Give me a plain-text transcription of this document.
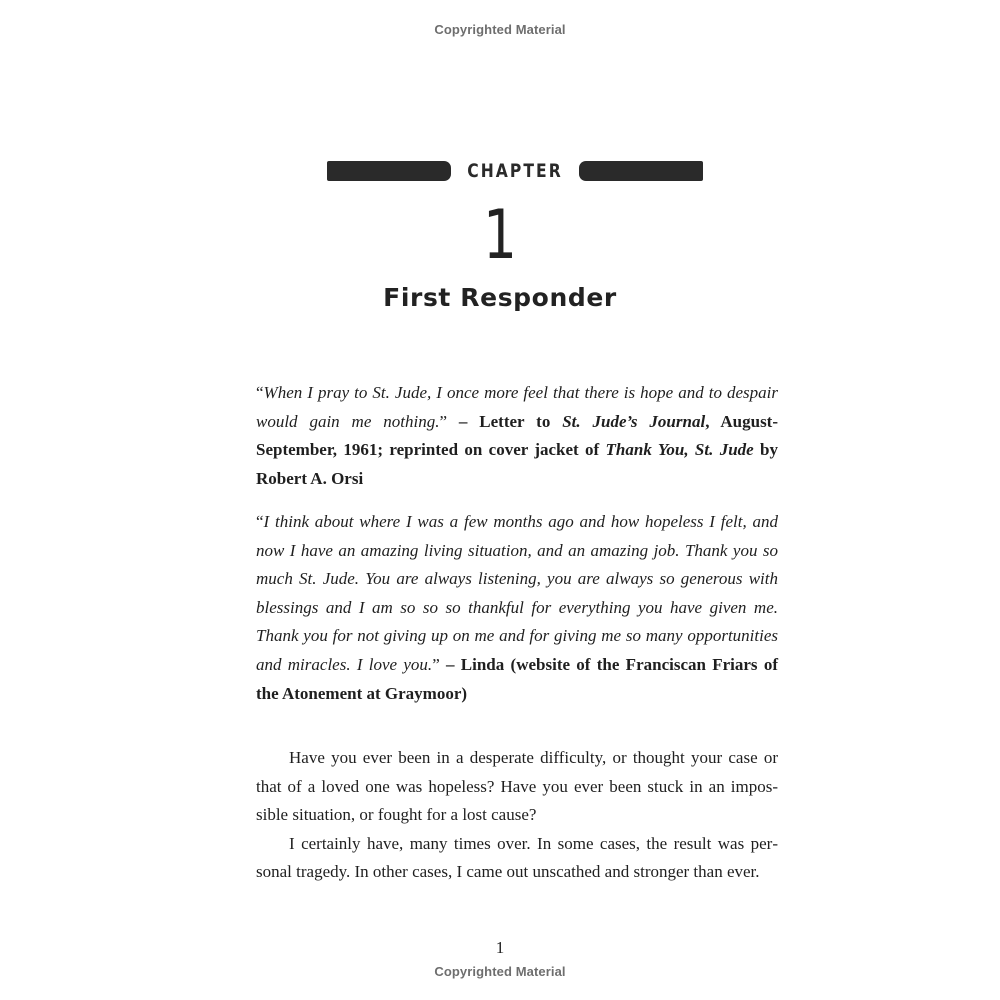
Copyrighted Material
CHAPTER
1
First Responder
“When I pray to St. Jude, I once more feel that there is hope and to despair would gain me nothing.” – Letter to St. Jude’s Journal, August-September, 1961; reprinted on cover jacket of Thank You, St. Jude by Robert A. Orsi
“I think about where I was a few months ago and how hopeless I felt, and now I have an amazing living situation, and an amazing job. Thank you so much St. Jude. You are always listening, you are always so generous with blessings and I am so so so thankful for everything you have given me. Thank you for not giving up on me and for giving me so many opportunities and miracles. I love you.” – Linda (website of the Franciscan Friars of the Atonement at Graymoor)

Have you ever been in a desperate difficulty, or thought your case or that of a loved one was hopeless? Have you ever been stuck in an impossible situation, or fought for a lost cause?

I certainly have, many times over. In some cases, the result was personal tragedy. In other cases, I came out unscathed and stronger than ever.

1
Copyrighted Material
